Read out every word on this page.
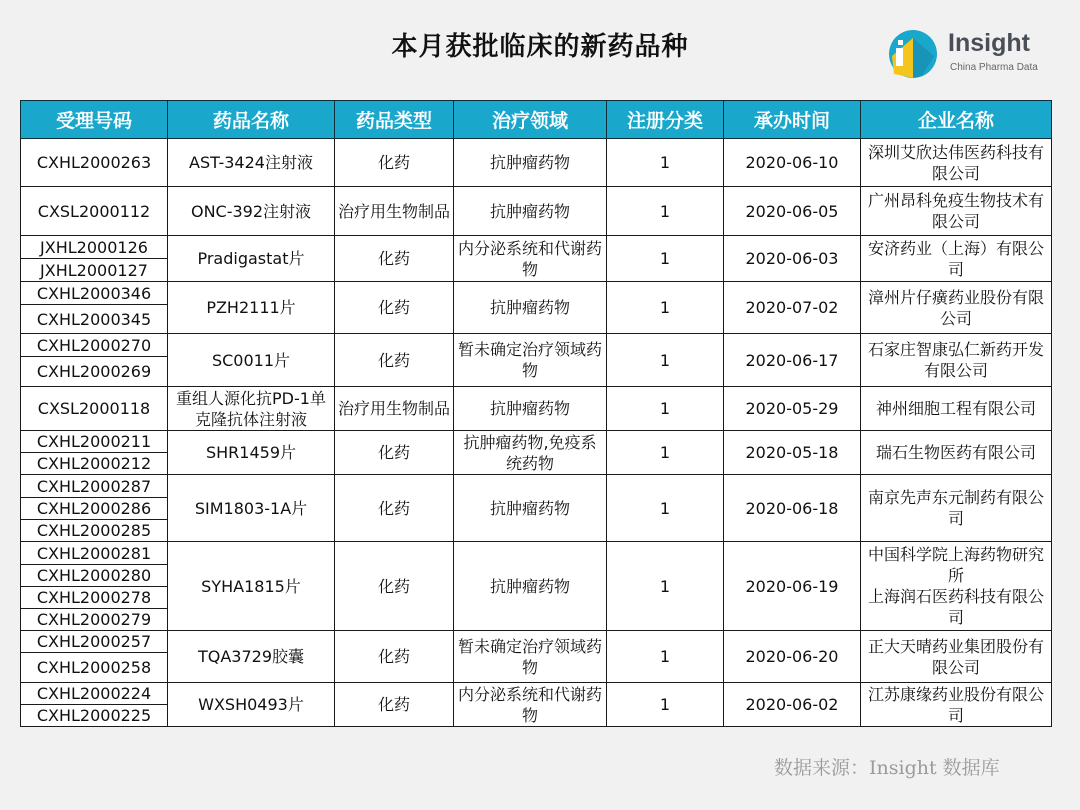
本月获批临床的新药品种	Insight
China Pharma Data
受理号码	药品名称	药品类型	治疗领域	注册分类	承办时间	企业名称
CXHL2000263	AST-3424注射液	化药	抗肿瘤药物	1	2020-06-10	深圳艾欣达伟医药科技有限公司
CXSL2000112	ONC-392注射液	治疗用生物制品	抗肿瘤药物	1	2020-06-05	广州昂科免疫生物技术有限公司
JXHL2000126	Pradigastat片	化药	内分泌系统和代谢药物	1	2020-06-03	安济药业（上海）有限公司
JXHL2000127						
CXHL2000346	PZH2111片	化药	抗肿瘤药物	1	2020-07-02	漳州片仔癀药业股份有限公司
CXHL2000345						
CXHL2000270	SC0011片	化药	暂未确定治疗领域药物	1	2020-06-17	石家庄智康弘仁新药开发有限公司
CXHL2000269						
CXSL2000118	重组人源化抗PD-1单克隆抗体注射液	治疗用生物制品	抗肿瘤药物	1	2020-05-29	神州细胞工程有限公司
CXHL2000211	SHR1459片	化药	抗肿瘤药物,免疫系统药物	1	2020-05-18	瑞石生物医药有限公司
CXHL2000212						
CXHL2000287	SIM1803-1A片	化药	抗肿瘤药物	1	2020-06-18	南京先声东元制药有限公司
CXHL2000286						
CXHL2000285						
CXHL2000281	SYHA1815片	化药	抗肿瘤药物	1	2020-06-19	中国科学院上海药物研究所
上海润石医药科技有限公司

CXHL2000280						
CXHL2000278						
CXHL2000279						
CXHL2000257	TQA3729胶囊	化药	暂未确定治疗领域药物	1	2020-06-20	正大天晴药业集团股份有限公司
CXHL2000258						
CXHL2000224	WXSH0493片	化药	内分泌系统和代谢药物	1	2020-06-02	江苏康缘药业股份有限公司
CXHL2000225						
数据来源：Insight 数据库
